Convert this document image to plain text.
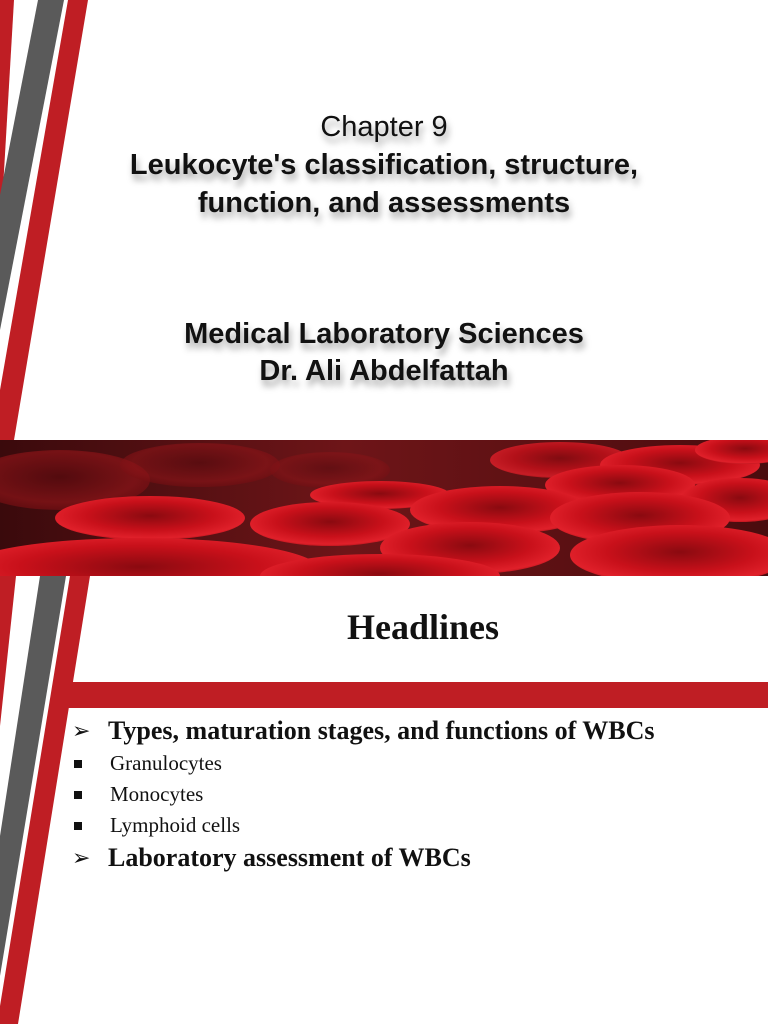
Chapter 9
Leukocyte's classification, structure,
function, and assessments
Medical Laboratory Sciences
Dr. Ali Abdelfattah
Headlines
➢ Types, maturation stages, and functions of WBCs
Granulocytes
Monocytes
Lymphoid cells
➢ Laboratory assessment of WBCs
